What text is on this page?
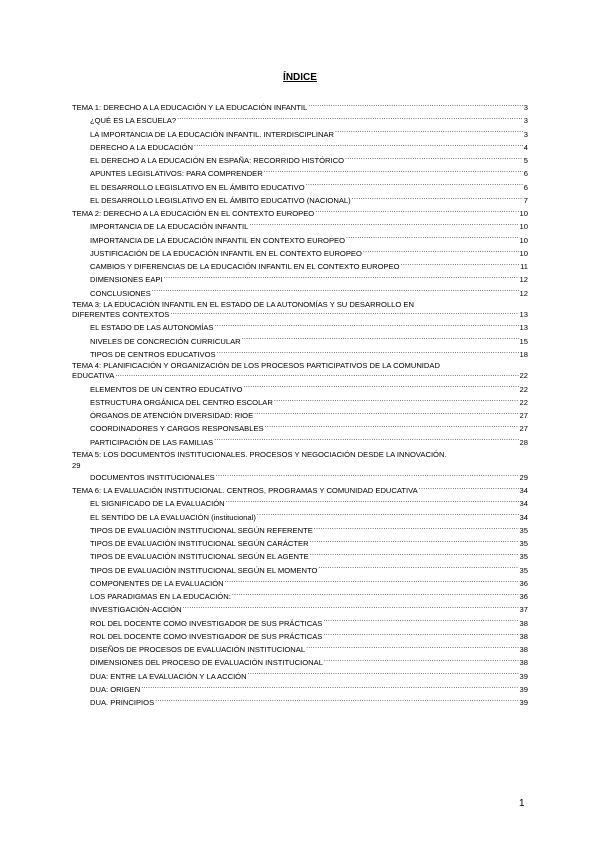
ÍNDICE
TEMA 1: DERECHO A LA EDUCACIÓN Y LA EDUCACIÓN INFANTIL .....	3
¿QUÉ ES LA ESCUELA? .....	3
LA IMPORTANCIA DE LA EDUCACIÓN INFANTIL. INTERDISCIPLINAR .....	3
DERECHO A LA EDUCACIÓN .....	4
EL DERECHO A LA EDUCACIÓN EN ESPAÑA: RECORRIDO HISTÓRICO .....	5
APUNTES LEGISLATIVOS: PARA COMPRENDER .....	6
EL DESARROLLO LEGISLATIVO EN EL ÁMBITO EDUCATIVO .....	6
EL DESARROLLO LEGISLATIVO EN EL ÁMBITO EDUCATIVO (NACIONAL) .....	7
TEMA 2: DERECHO A LA EDUCACIÓN EN EL CONTEXTO EUROPEO .....	10
IMPORTANCIA DE LA EDUCACIÓN INFANTIL .....	10
IMPORTANCIA DE LA EDUCACIÓN INFANTIL EN CONTEXTO EUROPEO .....	10
JUSTIFICACIÓN DE LA EDUCACIÓN INFANTIL EN EL CONTEXTO EUROPEO .....	10
CAMBIOS Y DIFERENCIAS DE LA EDUCACIÓN INFANTIL EN EL CONTEXTO EUROPEO .....	11
DIMENSIONES EAPI .....	12
CONCLUSIONES .....	12
TEMA 3: LA EDUCACIÓN INFANTIL EN EL ESTADO DE LA AUTONOMÍAS Y SU DESARROLLO EN
DIFERENTES CONTEXTOS .....	13
EL ESTADO DE LAS AUTONOMÍAS .....	13
NIVELES DE CONCRECIÓN CURRICULAR .....	15
TIPOS DE CENTROS EDUCATIVOS .....	18
TEMA 4: PLANIFICACIÓN Y ORGANIZACIÓN DE LOS PROCESOS PARTICIPATIVOS DE LA COMUNIDAD
EDUCATIVA .....	22
ELEMENTOS DE UN CENTRO EDUCATIVO .....	22
ESTRUCTURA ORGÁNICA DEL CENTRO ESCOLAR .....	22
ÓRGANOS DE ATENCIÓN DIVERSIDAD: RIOE .....	27
COORDINADORES Y CARGOS RESPONSABLES .....	27
PARTICIPACIÓN DE LAS FAMILIAS .....	28
TEMA 5: LOS DOCUMENTOS INSTITUCIONALES. PROCESOS Y NEGOCIACIÓN DESDE LA INNOVACIÓN.
29
DOCUMENTOS INSTITUCIONALES .....	29
TEMA 6: LA EVALUACIÓN INSTITUCIONAL. CENTROS, PROGRAMAS Y COMUNIDAD EDUCATIVA .....	34
EL SIGNIFICADO DE LA EVALUACIÓN .....	34
EL SENTIDO DE LA EVALUACIÓN (institucional) .....	34
TIPOS DE EVALUACIÓN INSTITUCIONAL SEGÚN REFERENTE .....	35
TIPOS DE EVALUACIÓN INSTITUCIONAL SEGÚN CARÁCTER .....	35
TIPOS DE EVALUACIÓN INSTITUCIONAL SEGÚN EL AGENTE .....	35
TIPOS DE EVALUACIÓN INSTITUCIONAL SEGÚN EL MOMENTO .....	35
COMPONENTES DE LA EVALUACIÓN .....	36
LOS PARADIGMAS EN LA EDUCACIÓN: .....	36
INVESTIGACIÓN-ACCIÓN .....	37
ROL DEL DOCENTE COMO INVESTIGADOR DE SUS PRÁCTICAS .....	38
ROL DEL DOCENTE COMO INVESTIGADOR DE SUS PRÁCTICAS .....	38
DISEÑOS DE PROCESOS DE EVALUACIÓN INSTITUCIONAL .....	38
DIMENSIONES DEL PROCESO DE EVALUACIÓN INSTITUCIONAL .....	38
DUA: ENTRE LA EVALUACIÓN Y LA ACCIÓN .....	39
DUA: ORIGEN .....	39
DUA. PRINCIPIOS .....	39
1
